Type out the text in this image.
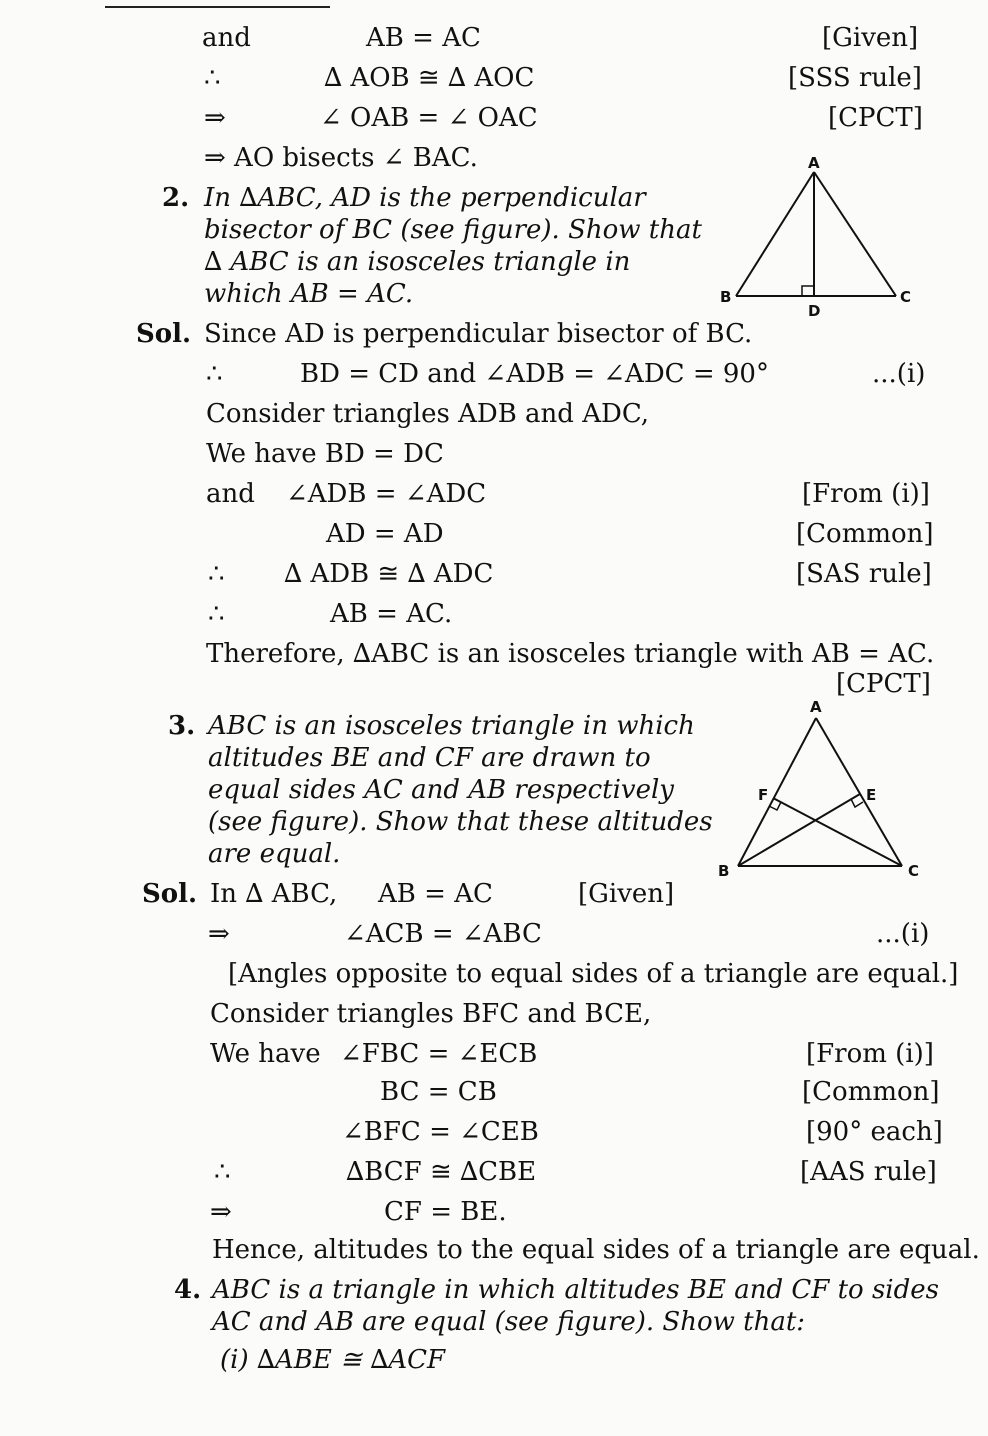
and	AB = AC	[Given]
∴	∆ AOB ≅ ∆ AOC	[SSS rule]
⇒	∠ OAB = ∠ OAC	[CPCT]
⇒ AO bisects ∠ BAC.
2. In ∆ABC, AD is the perpendicular
bisector of BC (see figure). Show that
∆ ABC is an isosceles triangle in
which AB = AC.
A
B	C
D
Sol. Since AD is perpendicular bisector of BC.
∴	BD = CD and ∠ADB = ∠ADC = 90°	...(i)
Consider triangles ADB and ADC,
We have BD = DC
and ∠ADB = ∠ADC	[From (i)]
AD = AD	[Common]
∴ ∆ ADB ≅ ∆ ADC	[SAS rule]
∴	AB = AC.
Therefore, ∆ABC is an isosceles triangle with AB = AC.
[CPCT]
3. ABC is an isosceles triangle in which
altitudes BE and CF are drawn to
equal sides AC and AB respectively
(see figure). Show that these altitudes
are equal.
A
F	E
B	C
Sol. In ∆ ABC, AB = AC	[Given]
⇒	∠ACB = ∠ABC	...(i)
[Angles opposite to equal sides of a triangle are equal.]
Consider triangles BFC and BCE,
We have ∠FBC = ∠ECB	[From (i)]
BC = CB	[Common]
∠BFC = ∠CEB	[90° each]
∴	∆BCF ≅ ∆CBE	[AAS rule]
⇒	CF = BE.
Hence, altitudes to the equal sides of a triangle are equal.
4. ABC is a triangle in which altitudes BE and CF to sides
AC and AB are equal (see figure). Show that:
(i) ∆ABE ≅ ∆ACF
